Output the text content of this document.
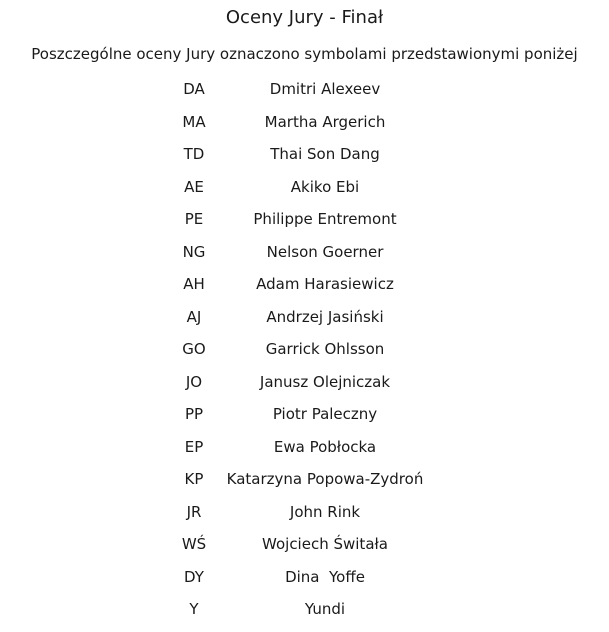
Oceny Jury - Finał
Poszczególne oceny Jury oznaczono symbolami przedstawionymi poniżej
DA	Dmitri Alexeev
MA	Martha Argerich
TD	Thai Son Dang
AE	Akiko Ebi
PE	Philippe Entremont
NG	Nelson Goerner
AH	Adam Harasiewicz
AJ	Andrzej Jasiński
GO	Garrick Ohlsson
JO	Janusz Olejniczak
PP	Piotr Paleczny
EP	Ewa Pobłocka
KP	Katarzyna Popowa-Zydroń
JR	John Rink
WŚ	Wojciech Świtała
DY	Dina  Yoffe
Y	Yundi
